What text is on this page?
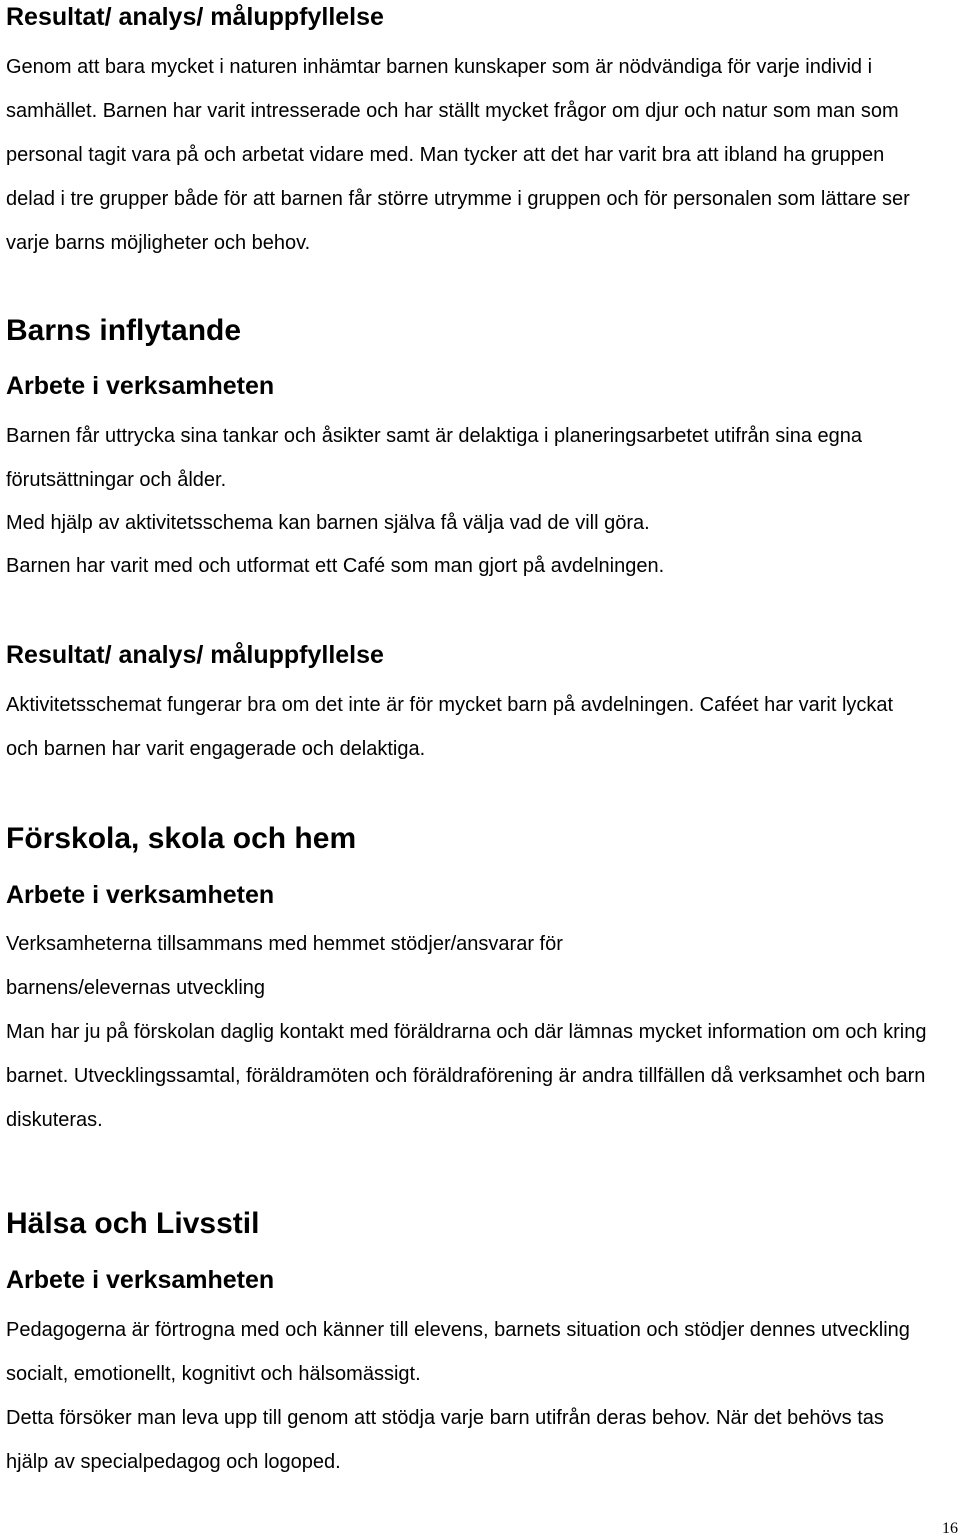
Resultat/ analys/ måluppfyllelse
Genom att bara mycket i naturen inhämtar barnen kunskaper som är nödvändiga för varje individ i
samhället. Barnen har varit intresserade och har ställt mycket frågor om djur och natur som man som
personal tagit vara på och arbetat vidare med. Man tycker att det har varit bra att ibland ha gruppen
delad i tre grupper både för att barnen får större utrymme i gruppen och för personalen som lättare ser
varje barns möjligheter och behov.
Barns inflytande
Arbete i verksamheten
Barnen får uttrycka sina tankar och åsikter samt är delaktiga i planeringsarbetet utifrån sina egna
förutsättningar och ålder.
Med hjälp av aktivitetsschema kan barnen själva få välja vad de vill göra.
Barnen har varit med och utformat ett Café som man gjort på avdelningen.
Resultat/ analys/ måluppfyllelse
Aktivitetsschemat fungerar bra om det inte är för mycket barn på avdelningen. Caféet har varit lyckat
och barnen har varit engagerade och delaktiga.
Förskola, skola och hem
Arbete i verksamheten
Verksamheterna tillsammans med hemmet stödjer/ansvarar för
barnens/elevernas utveckling
Man har ju på förskolan daglig kontakt med föräldrarna och där lämnas mycket information om och kring
barnet. Utvecklingssamtal, föräldramöten och föräldraförening är andra tillfällen då verksamhet och barn
diskuteras.
Hälsa och Livsstil
Arbete i verksamheten
Pedagogerna är förtrogna med och känner till elevens, barnets situation och stödjer dennes utveckling
socialt, emotionellt, kognitivt och hälsomässigt.
Detta försöker man leva upp till genom att stödja varje barn utifrån deras behov. När det behövs tas
hjälp av specialpedagog och logoped.
16
